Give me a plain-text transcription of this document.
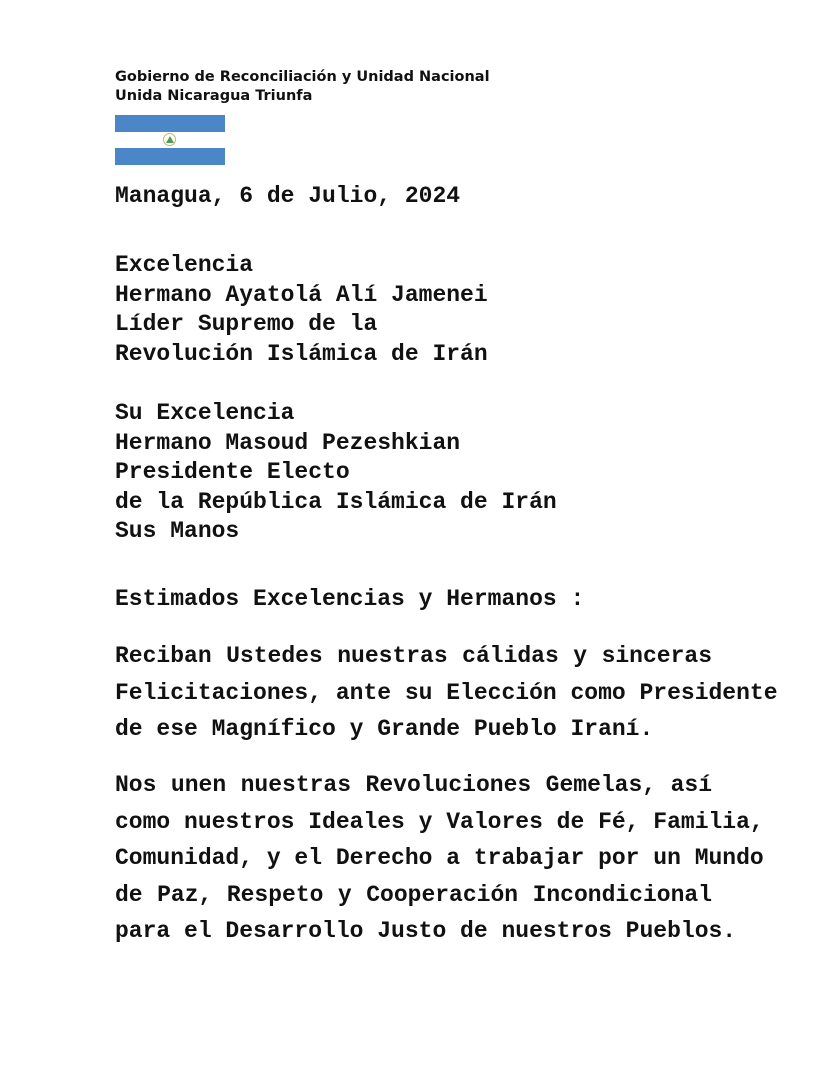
Gobierno de Reconciliación y Unidad Nacional
Unida Nicaragua Triunfa
Managua, 6 de Julio, 2024
Excelencia
Hermano Ayatolá Alí Jamenei
Líder Supremo de la
Revolución Islámica de Irán
Su Excelencia
Hermano Masoud Pezeshkian
Presidente Electo
de la República Islámica de Irán
Sus Manos
Estimados Excelencias y Hermanos :
Reciban Ustedes nuestras cálidas y sinceras
Felicitaciones, ante su Elección como Presidente
de ese Magnífico y Grande Pueblo Iraní.
Nos unen nuestras Revoluciones Gemelas, así
como nuestros Ideales y Valores de Fé, Familia,
Comunidad, y el Derecho a trabajar por un Mundo
de Paz, Respeto y Cooperación Incondicional
para el Desarrollo Justo de nuestros Pueblos.
